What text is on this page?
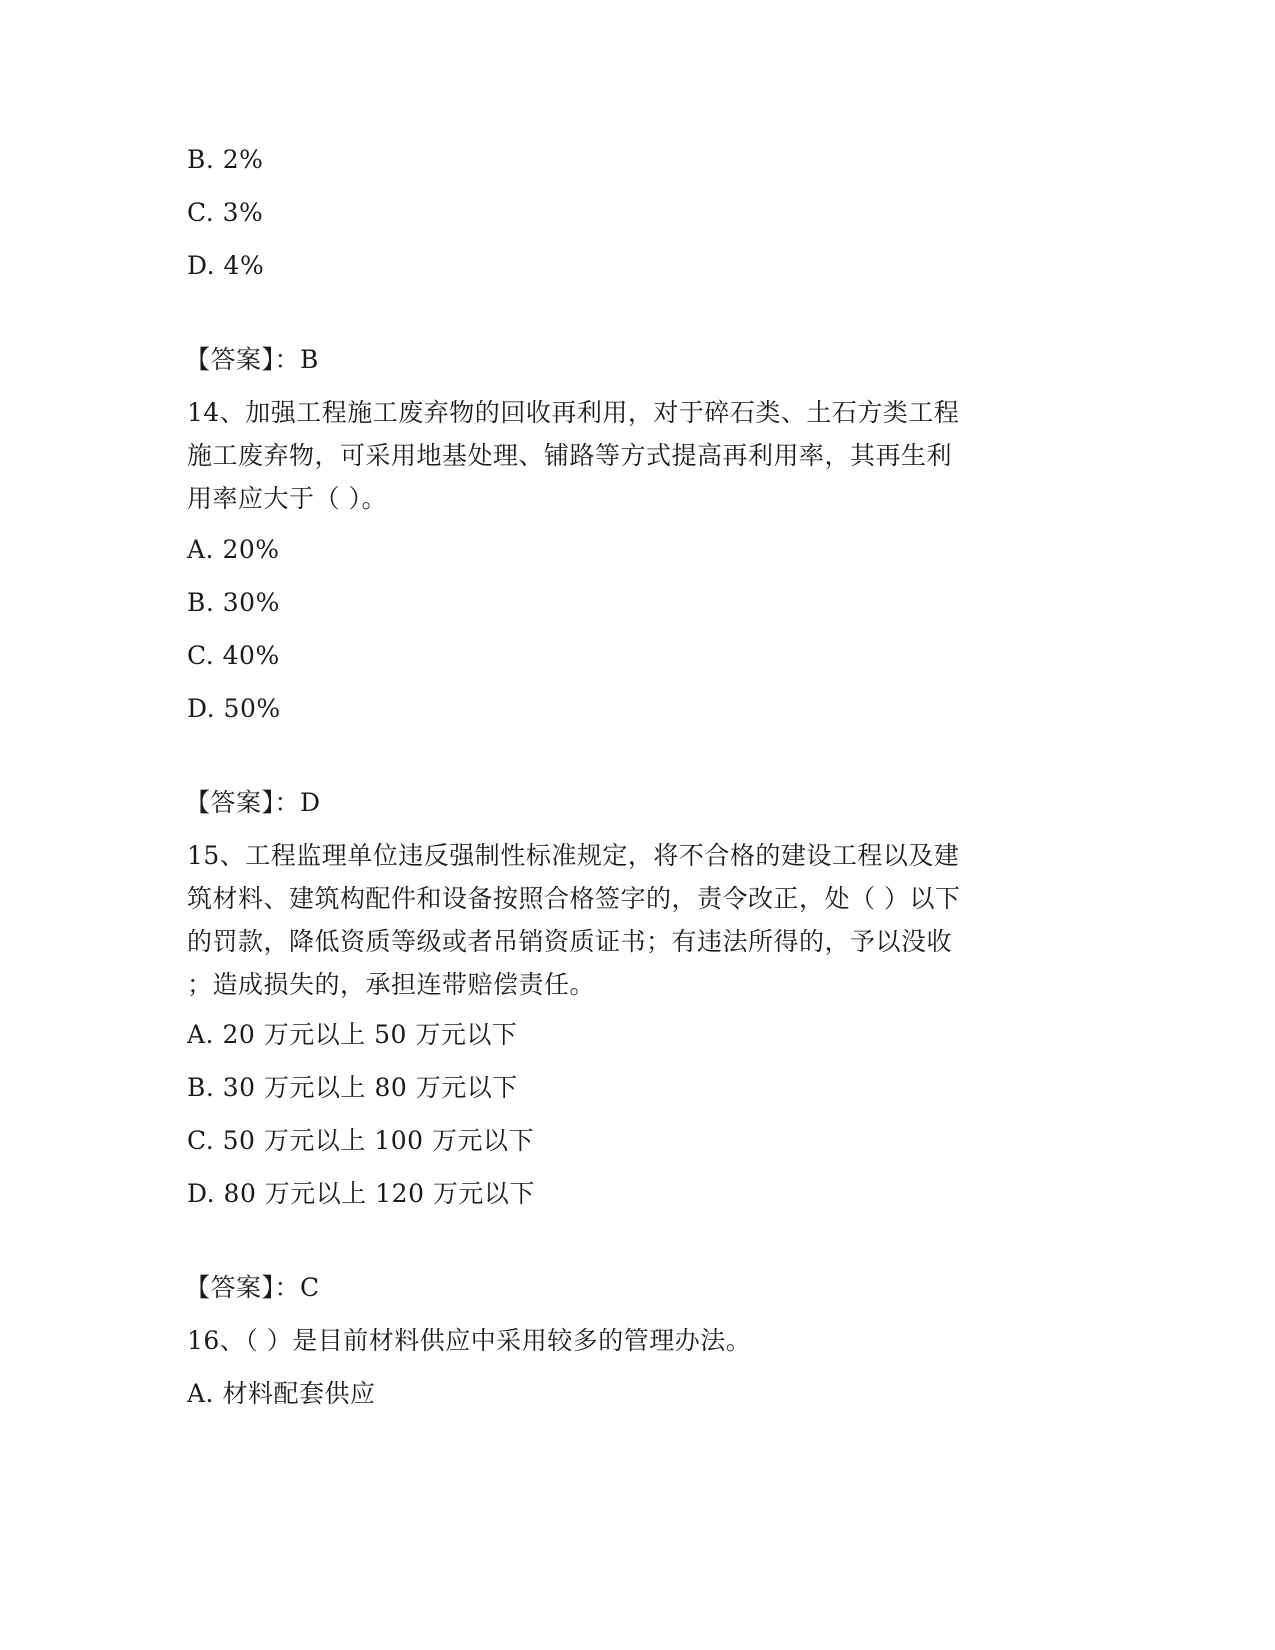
B. 2%
C. 3%
D. 4%
【答案】：B
14、加强工程施工废弃物的回收再利用，对于碎石类、土石方类工程
施工废弃物，可采用地基处理、铺路等方式提高再利用率，其再生利
用率应大于（ ）。
A. 20%
B. 30%
C. 40%
D. 50%
【答案】：D
15、工程监理单位违反强制性标准规定，将不合格的建设工程以及建
筑材料、建筑构配件和设备按照合格签字的，责令改正，处（ ）以下
的罚款，降低资质等级或者吊销资质证书；有违法所得的，予以没收
；造成损失的，承担连带赔偿责任。
A. 20 万元以上 50 万元以下
B. 30 万元以上 80 万元以下
C. 50 万元以上 100 万元以下
D. 80 万元以上 120 万元以下
【答案】：C
16、（ ）是目前材料供应中采用较多的管理办法。
A. 材料配套供应
